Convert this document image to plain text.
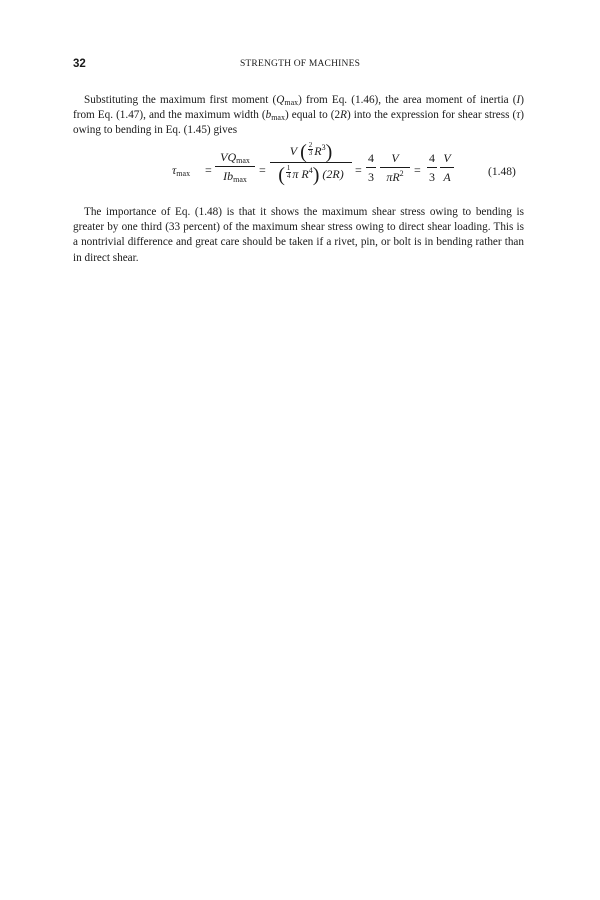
32	STRENGTH OF MACHINES

Substituting the maximum first moment $(Q_{max})$ from Eq. (1.46), the area moment of inertia (I) from Eq. (1.47), and the maximum width $(b_{max})$ equal to (2R) into the expression for shear stress (τ) owing to bending in Eq. (1.45) gives

$\tau_{max}$ =
$VQ_{max}$
$Ib_{max}$
=
V ( $\frac{2}{3} R^3$)
( $\frac{1}{4}$ π $R^4$) (2R) =
4
3
V
$\pi R^2$ =
4
3
V
A	(1.48)

The importance of Eq. (1.48) is that it shows the maximum shear stress owing to bending is greater by one third (33 percent) of the maximum shear stress owing to direct shear loading. This is a nontrivial difference and great care should be taken if a rivet, pin, or bolt is in bending rather than in direct shear.
